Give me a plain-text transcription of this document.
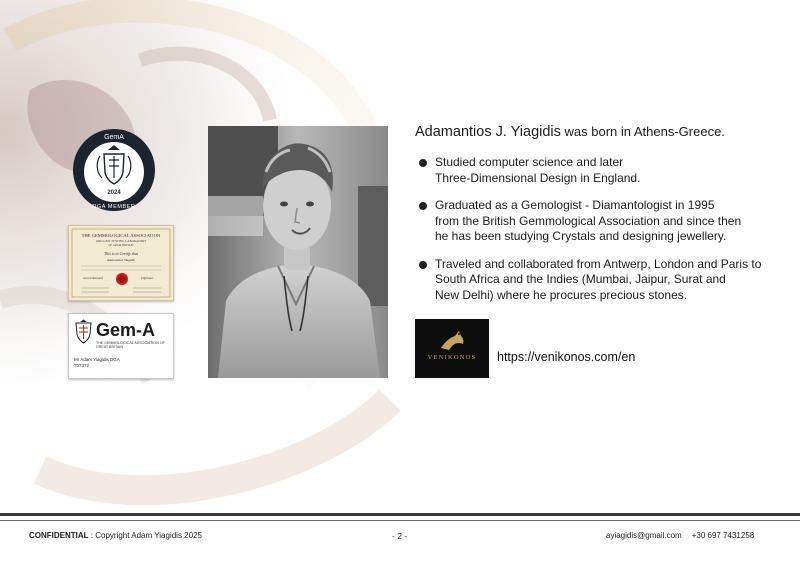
GemA
2024
DGA MEMBER
THE GEMMOLOGICAL ASSOCIATION
AND GEM TESTING LABORATORY
OF GREAT BRITAIN
This is to Certify that
Adamantios Yiagidis
Gem Diamond	Diploma
Gem-A
THE GEMMOLOGICAL ASSOCIATION OF GREAT BRITAIN
Mr Adam Yiagidis DGA
707372
Adamantios J. Yiagidis was born in Athens-Greece.
Studied computer science and later
Three-Dimensional Design in England.
Graduated as a Gemologist - Diamantologist in 1995
from the British Gemmological Association and since then
he has been studying Crystals and designing jewellery.
Traveled and collaborated from Antwerp, London and Paris to
South Africa and the Indies (Mumbai, Jaipur, Surat and
New Delhi) where he procures precious stones.
VENIKONOS	https://venikonos.com/en
CONFIDENTIAL : Copyright Adam Yiagidis 2025	- 2 -	ayiagidis@gmail.com +30 697 7431258
